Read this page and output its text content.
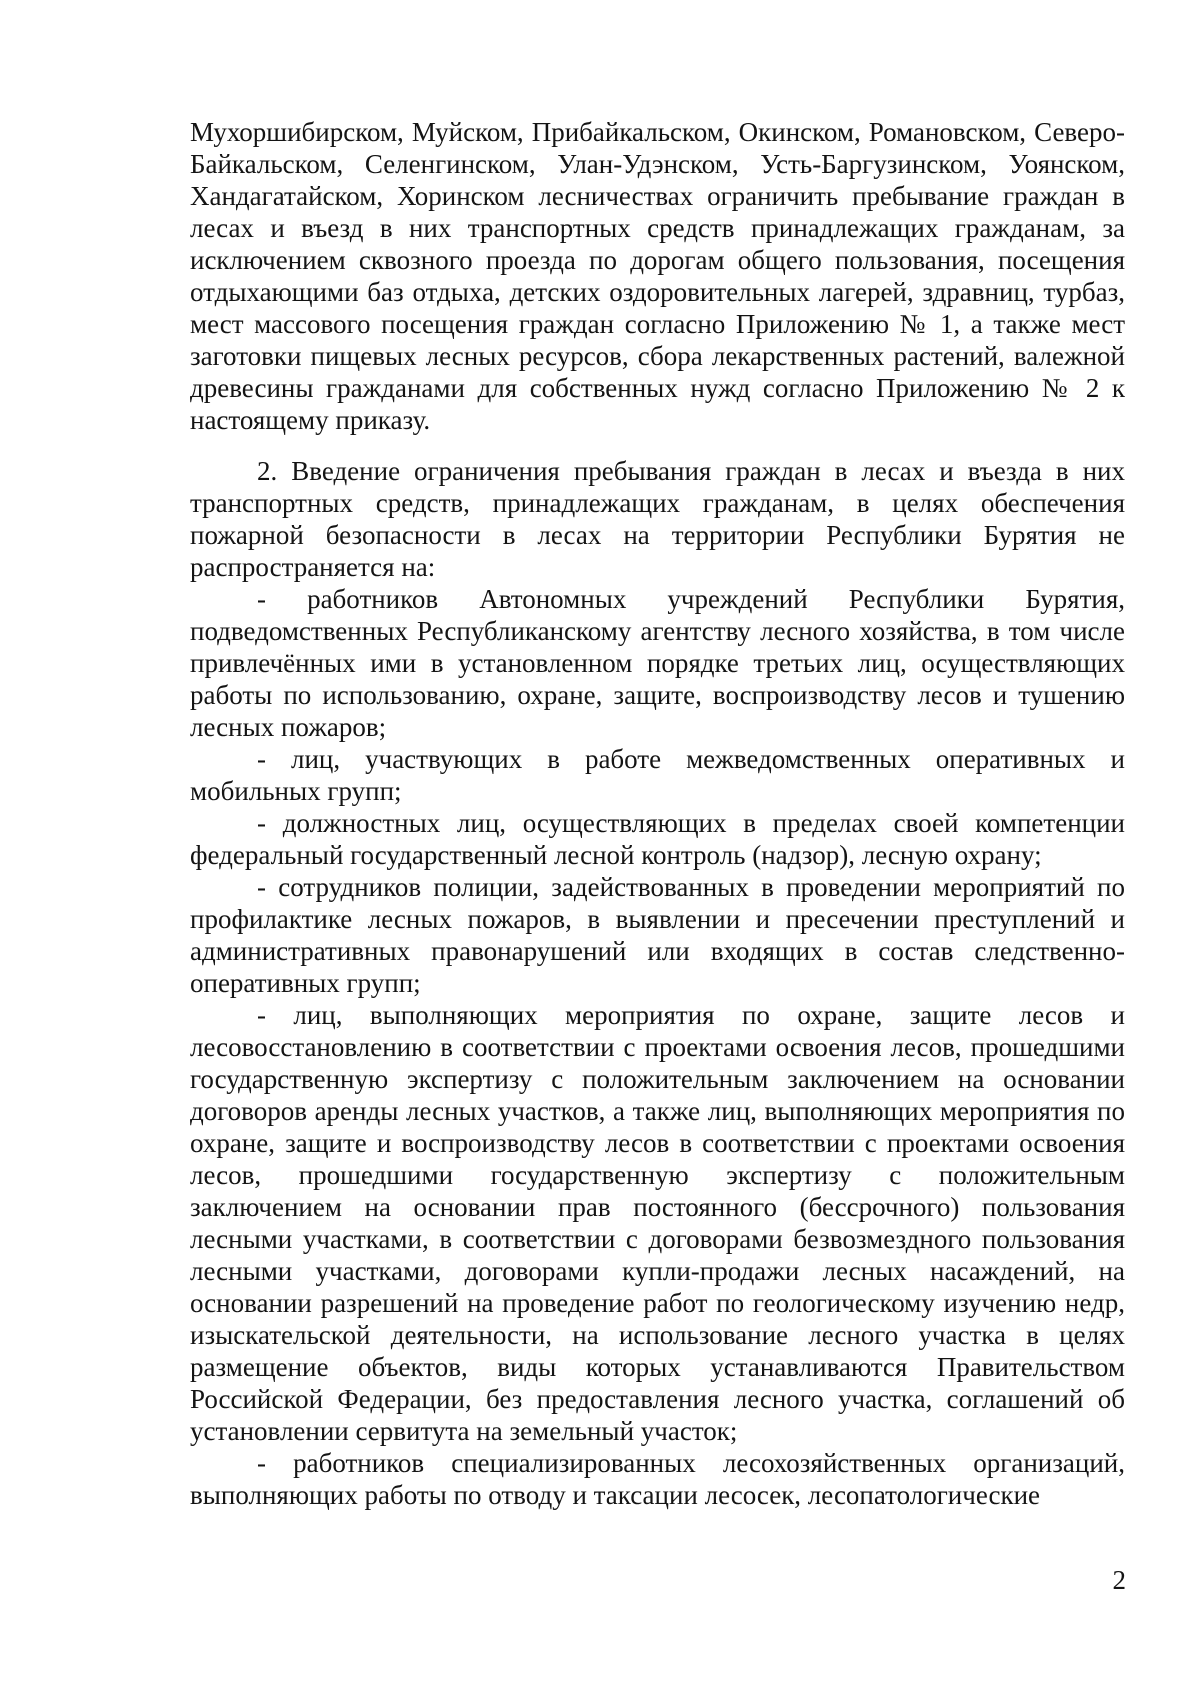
Мухоршибирском, Муйском, Прибайкальском, Окинском, Романовском, Северо-Байкальском, Селенгинском, Улан-Удэнском, Усть-Баргузинском, Уоянском, Хандагатайском, Хоринском лесничествах ограничить пребывание граждан в лесах и въезд в них транспортных средств принадлежащих гражданам, за исключением сквозного проезда по дорогам общего пользования, посещения отдыхающими баз отдыха, детских оздоровительных лагерей, здравниц, турбаз, мест массового посещения граждан согласно Приложению № 1, а также мест заготовки пищевых лесных ресурсов, сбора лекарственных растений, валежной древесины гражданами для собственных нужд согласно Приложению № 2 к настоящему приказу.

2. Введение ограничения пребывания граждан в лесах и въезда в них транспортных средств, принадлежащих гражданам, в целях обеспечения пожарной безопасности в лесах на территории Республики Бурятия не распространяется на:

- работников Автономных учреждений Республики Бурятия, подведомственных Республиканскому агентству лесного хозяйства, в том числе привлечённых ими в установленном порядке третьих лиц, осуществляющих работы по использованию, охране, защите, воспроизводству лесов и тушению лесных пожаров;

- лиц, участвующих в работе межведомственных оперативных и мобильных групп;

- должностных лиц, осуществляющих в пределах своей компетенции федеральный государственный лесной контроль (надзор), лесную охрану;

- сотрудников полиции, задействованных в проведении мероприятий по профилактике лесных пожаров, в выявлении и пресечении преступлений и административных правонарушений или входящих в состав следственно-оперативных групп;

- лиц, выполняющих мероприятия по охране, защите лесов и лесовосстановлению в соответствии с проектами освоения лесов, прошедшими государственную экспертизу с положительным заключением на основании договоров аренды лесных участков, а также лиц, выполняющих мероприятия по охране, защите и воспроизводству лесов в соответствии с проектами освоения лесов, прошедшими государственную экспертизу с положительным заключением на основании прав постоянного (бессрочного) пользования лесными участками, в соответствии с договорами безвозмездного пользования лесными участками, договорами купли-продажи лесных насаждений, на основании разрешений на проведение работ по геологическому изучению недр, изыскательской деятельности, на использование лесного участка в целях размещение объектов, виды которых устанавливаются Правительством Российской Федерации, без предоставления лесного участка, соглашений об установлении сервитута на земельный участок;

- работников специализированных лесохозяйственных организаций, выполняющих работы по отводу и таксации лесосек, лесопатологические

2
